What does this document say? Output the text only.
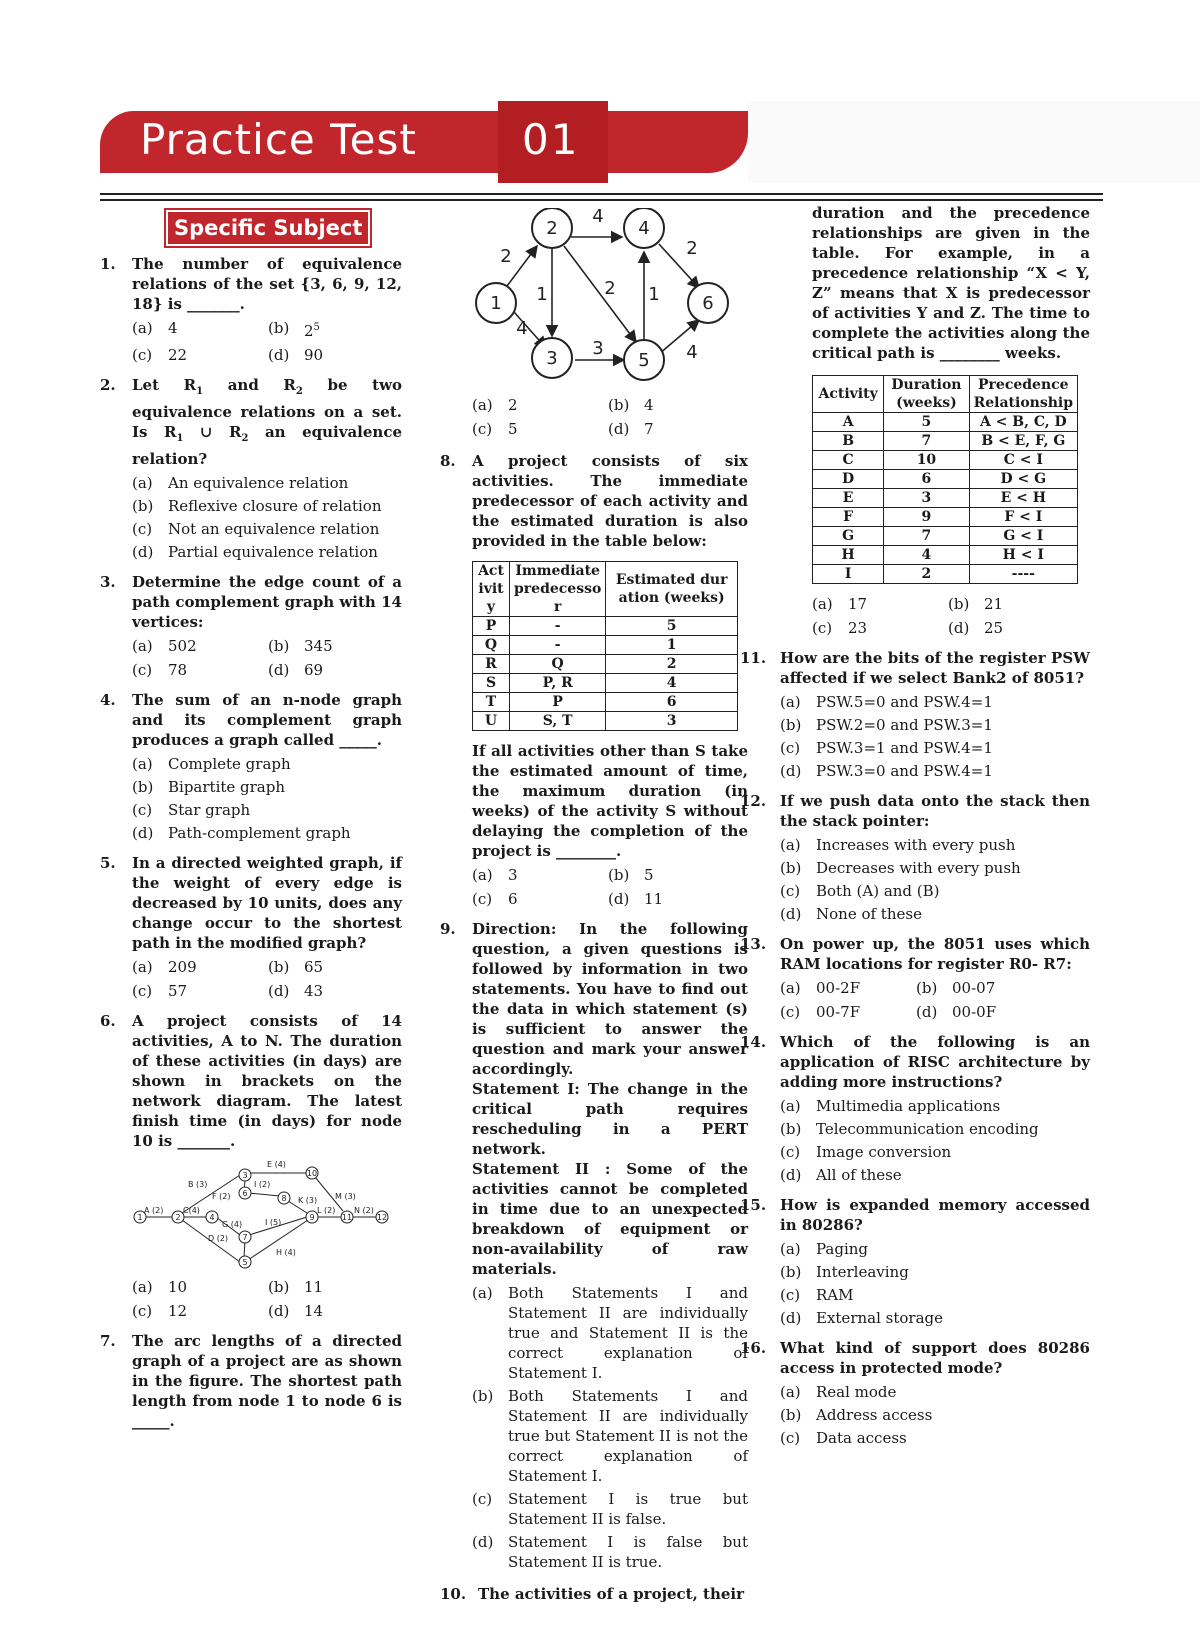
Practice Test	01
Specific Subject
1. The number of equivalence relations of the set {3, 6, 9, 12, 18} is _______.
(a)	4	(b) $2^5$
(c)	22	(d) 90
2. Let $R_1$ and $R_2$ be two equivalence relations on a set. Is $R_1$ ∪ $R_2$ an equivalence relation?
(a)	An equivalence relation
(b) Reflexive closure of relation
(c)	Not an equivalence relation
(d) Partial equivalence relation
3. Determine the edge count of a path complement graph with 14 vertices:
(a)	502	(b) 345
(c)	78	(d) 69
4. The sum of an n-node graph and its complement graph produces a graph called _____.
(a)	Complete graph
(b) Bipartite graph
(c)	Star graph
(d) Path-complement graph
5. In a directed weighted graph, if the weight of every edge is decreased by 10 units, does any change occur to the shortest path in the modified graph?
(a)	209	(b) 65
(c)	57	(d) 43
6. A project consists of 14 activities, A to N. The duration of these activities (in days) are shown in brackets on the network diagram. The latest finish time (in days) for node 10 is _______.
1	2
3
4
5
6
7
8
9
10
11	12
A (2)
B (3)
C(4)
D (2)
E (4)
F (2)
G (4)
H (4)
I (2)
I (5)
K (3)
L (2)
M (3)
N (2)
(a)	10	(b) 11
(c)	12	(d) 14
7. The arc lengths of a directed graph of a project are as shown in the figure. The shortest path length from node 1 to node 6 is _____.
1
2
3
4
5
6
2
4
4
1	2 1
3
2
4
(a)	2	(b) 4
(c)	5	(d) 7
8. A project consists of six activities. The immediate predecessor of each activity and the estimated duration is also provided in the table below:
Act ivit y	Immediate predecesso r	Estimated dur ation (weeks)
P	-	5
Q	-	1
R	Q	2
S	P, R	4
T	P	6
U	S, T	3
If all activities other than S take the estimated amount of time, the maximum duration (in weeks) of the activity S without delaying the completion of the project is ________.
(a)	3	(b) 5
(c)	6	(d) 11
9. Direction: In the following question, a given questions is followed by information in two statements. You have to find out the data in which statement (s) is sufficient to answer the question and mark your answer accordingly.
Statement I: The change in the critical path requires rescheduling in a PERT network.
Statement II : Some of the activities cannot be completed in time due to an unexpected breakdown of equipment or non-availability of raw materials.
(a)	Both Statements I and Statement II are individually true and Statement II is the correct explanation of Statement I.
(b) Both Statements I and Statement II are individually true but Statement II is not the correct explanation of Statement I.
(c)	Statement I is true but Statement II is false.
(d) Statement I is false but Statement II is true.
10. The activities of a project, their
duration and the precedence relationships are given in the table. For example, in a precedence relationship “X < Y, Z” means that X is predecessor of activities Y and Z. The time to complete the activities along the critical path is ________ weeks.
Activity	Duration (weeks)	Precedence Relationship
A	5	A < B, C, D
B	7	B < E, F, G
C	10	C < I
D	6	D < G
E	3	E < H
F	9	F < I
G	7	G < I
H	4	H < I
I	2	----
(a)	17	(b) 21
(c)	23	(d) 25
11. How are the bits of the register PSW affected if we select Bank2 of 8051?
(a)	PSW.5=0 and PSW.4=1
(b) PSW.2=0 and PSW.3=1
(c)	PSW.3=1 and PSW.4=1
(d) PSW.3=0 and PSW.4=1
12. If we push data onto the stack then the stack pointer:
(a)	Increases with every push
(b) Decreases with every push
(c)	Both (A) and (B)
(d) None of these
13. On power up, the 8051 uses which RAM locations for register R0- R7:
(a)	00-2F	(b) 00-07
(c)	00-7F	(d) 00-0F
14. Which of the following is an application of RISC architecture by adding more instructions?
(a)	Multimedia applications
(b) Telecommunication encoding
(c)	Image conversion
(d) All of these
15. How is expanded memory accessed in 80286?
(a)	Paging
(b) Interleaving
(c)	RAM
(d) External storage
16. What kind of support does 80286 access in protected mode?
(a)	Real mode
(b) Address access
(c)	Data access
